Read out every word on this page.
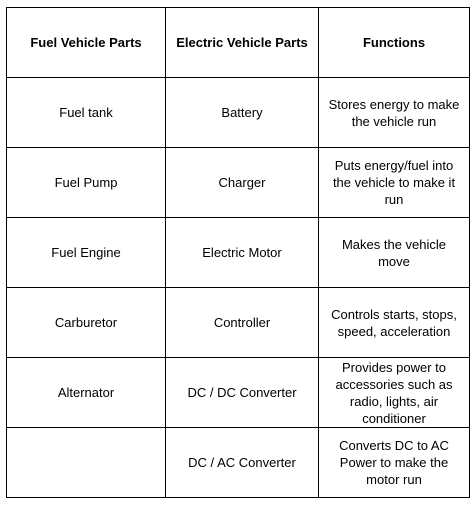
Fuel Vehicle Parts	Electric Vehicle Parts	Functions
Fuel tank	Battery	Stores energy to make the vehicle run
Fuel Pump	Charger	Puts energy/fuel into the vehicle to make it run
Fuel Engine	Electric Motor	Makes the vehicle move
Carburetor	Controller	Controls starts, stops, speed, acceleration
Alternator	DC / DC Converter	Provides power to accessories such as radio, lights, air conditioner
	DC / AC Converter	Converts DC to AC Power to make the motor run
